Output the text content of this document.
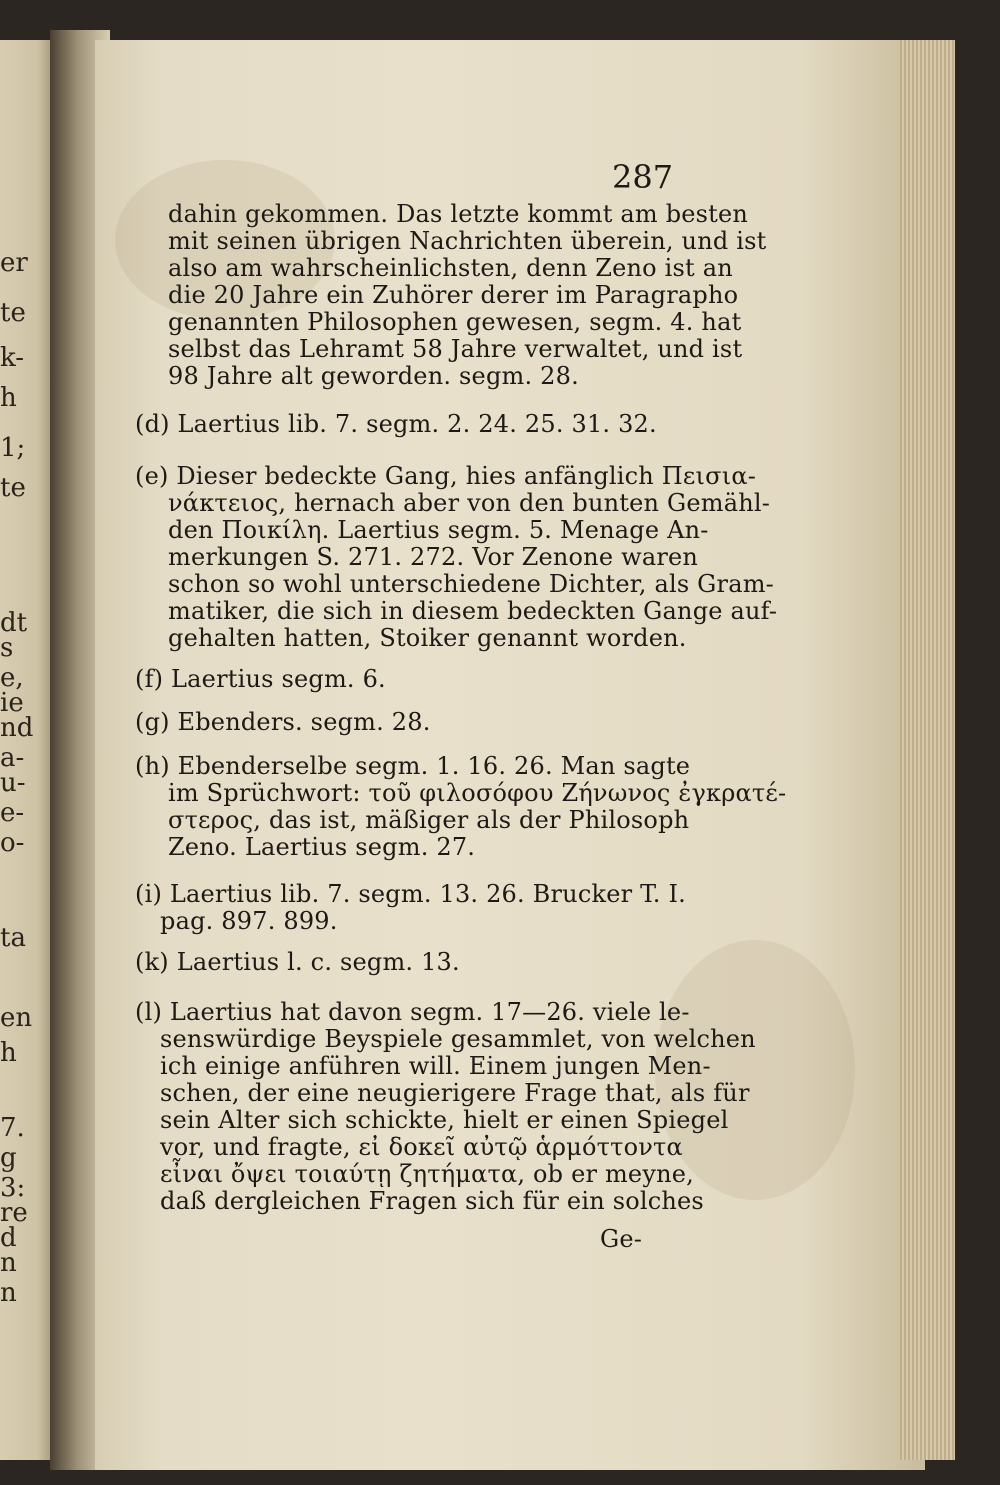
er
te
k-
h
1;
te
dt
s
e,
ie
nd
a-
u-
e-
o-
ta
en
h
7.
g
3:
re
d
n
n
287
dahin gekommen. Das letzte kommt am besten
mit seinen übrigen Nachrichten überein, und ist
also am wahrscheinlichsten, denn Zeno ist an
die 20 Jahre ein Zuhörer derer im Paragrapho
genannten Philosophen gewesen, segm. 4. hat
selbst das Lehramt 58 Jahre verwaltet, und ist
98 Jahre alt geworden. segm. 28.
(d) Laertius lib. 7. segm. 2. 24. 25. 31. 32.
(e) Dieser bedeckte Gang, hies anfänglich Πεισια-
νάκτειος, hernach aber von den bunten Gemähl-
den Ποικίλη. Laertius segm. 5. Menage An-
merkungen S. 271. 272. Vor Zenone waren
schon so wohl unterschiedene Dichter, als Gram-
matiker, die sich in diesem bedeckten Gange auf-
gehalten hatten, Stoiker genannt worden.
(f) Laertius segm. 6.
(g) Ebenders. segm. 28.
(h) Ebenderselbe segm. 1. 16. 26. Man sagte
im Sprüchwort: τοῦ φιλοσόφου Ζήνωνος ἐγκρατέ-
στερος, das ist, mäßiger als der Philosoph
Zeno. Laertius segm. 27.
(i) Laertius lib. 7. segm. 13. 26. Brucker T. I.
pag. 897. 899.
(k) Laertius l. c. segm. 13.
(l) Laertius hat davon segm. 17—26. viele le-
senswürdige Beyspiele gesammlet, von welchen
ich einige anführen will. Einem jungen Men-
schen, der eine neugierigere Frage that, als für
sein Alter sich schickte, hielt er einen Spiegel
vor, und fragte, εἰ δοκεῖ αὐτῷ ἁρμόττοντα
εἶναι ὄψει τοιαύτῃ ζητήματα, ob er meyne,
daß dergleichen Fragen sich für ein solches
Ge-
